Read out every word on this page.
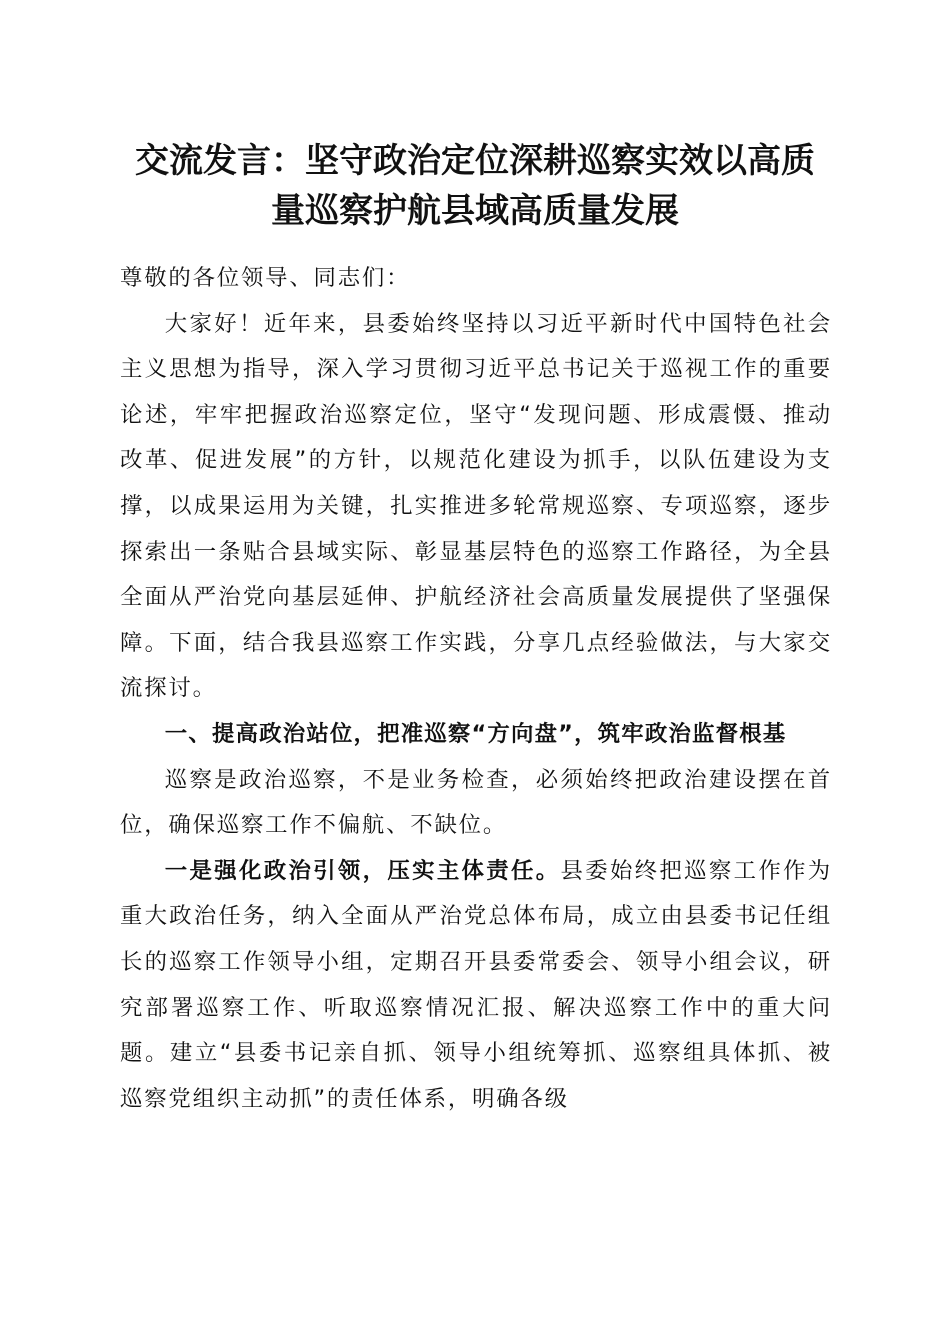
交流发言：坚守政治定位深耕巡察实效以高质
量巡察护航县域高质量发展

尊敬的各位领导、同志们：

大家好！近年来，县委始终坚持以习近平新时代中国特色社会主义思想为指导，深入学习贯彻习近平总书记关于巡视工作的重要论述，牢牢把握政治巡察定位，坚守“发现问题、形成震慑、推动改革、促进发展”的方针，以规范化建设为抓手，以队伍建设为支撑，以成果运用为关键，扎实推进多轮常规巡察、专项巡察，逐步探索出一条贴合县域实际、彰显基层特色的巡察工作路径，为全县全面从严治党向基层延伸、护航经济社会高质量发展提供了坚强保障。下面，结合我县巡察工作实践，分享几点经验做法，与大家交流探讨。

一、提高政治站位，把准巡察“方向盘”，筑牢政治监督根基

巡察是政治巡察，不是业务检查，必须始终把政治建设摆在首位，确保巡察工作不偏航、不缺位。

一是强化政治引领，压实主体责任。县委始终把巡察工作作为重大政治任务，纳入全面从严治党总体布局，成立由县委书记任组长的巡察工作领导小组，定期召开县委常委会、领导小组会议，研究部署巡察工作、听取巡察情况汇报、解决巡察工作中的重大问题。建立“县委书记亲自抓、领导小组统筹抓、巡察组具体抓、被巡察党组织主动抓”的责任体系，明确各级
